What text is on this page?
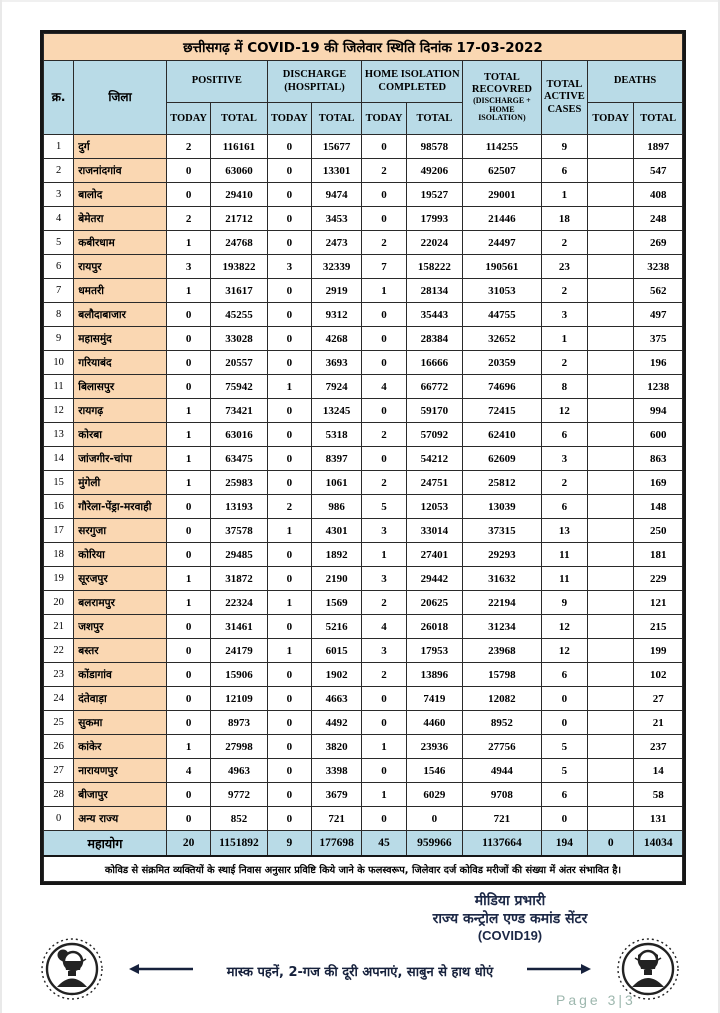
छत्तीसगढ़ में COVID-19 की जिलेवार स्थिति दिनांक 17-03-2022											
क्र.	जिला	POSITIVE		DISCHARGE (HOSPITAL)		HOME ISOLATION COMPLETED		TOTAL RECOVRED
(DISCHARGE + HOME ISOLATION)	TOTAL ACTIVE CASES	DEATHS	
		TODAY	TOTAL	TODAY	TOTAL	TODAY	TOTAL			TODAY	TOTAL
1	दुर्ग	2	116161	0	15677	0	98578	114255	9		1897
2	राजनांदगांव	0	63060	0	13301	2	49206	62507	6		547
3	बालोद	0	29410	0	9474	0	19527	29001	1		408
4	बेमेतरा	2	21712	0	3453	0	17993	21446	18		248
5	कबीरधाम	1	24768	0	2473	2	22024	24497	2		269
6	रायपुर	3	193822	3	32339	7	158222	190561	23		3238
7	धमतरी	1	31617	0	2919	1	28134	31053	2		562
8	बलौदाबाजार	0	45255	0	9312	0	35443	44755	3		497
9	महासमुंद	0	33028	0	4268	0	28384	32652	1		375
10	गरियाबंद	0	20557	0	3693	0	16666	20359	2		196
11	बिलासपुर	0	75942	1	7924	4	66772	74696	8		1238
12	रायगढ़	1	73421	0	13245	0	59170	72415	12		994
13	कोरबा	1	63016	0	5318	2	57092	62410	6		600
14	जांजगीर-चांपा	1	63475	0	8397	0	54212	62609	3		863
15	मुंगेली	1	25983	0	1061	2	24751	25812	2		169
16	गौरेला-पेंड्रा-मरवाही	0	13193	2	986	5	12053	13039	6		148
17	सरगुजा	0	37578	1	4301	3	33014	37315	13		250
18	कोरिया	0	29485	0	1892	1	27401	29293	11		181
19	सूरजपुर	1	31872	0	2190	3	29442	31632	11		229
20	बलरामपुर	1	22324	1	1569	2	20625	22194	9		121
21	जशपुर	0	31461	0	5216	4	26018	31234	12		215
22	बस्तर	0	24179	1	6015	3	17953	23968	12		199
23	कोंडागांव	0	15906	0	1902	2	13896	15798	6		102
24	दंतेवाड़ा	0	12109	0	4663	0	7419	12082	0		27
25	सुकमा	0	8973	0	4492	0	4460	8952	0		21
26	कांकेर	1	27998	0	3820	1	23936	27756	5		237
27	नारायणपुर	4	4963	0	3398	0	1546	4944	5		14
28	बीजापुर	0	9772	0	3679	1	6029	9708	6		58
0	अन्य राज्य	0	852	0	721	0	0	721	0		131
महायोग		20	1151892	9	177698	45	959966	1137664	194	0	14034
कोविड से संक्रमित व्यक्तियों के स्थाई निवास अनुसार प्रविष्टि किये जाने के फलस्वरूप, जिलेवार दर्ज कोविड मरीजों की संख्या में अंतर संभावित है।											
मीडिया प्रभारी
राज्य कन्ट्रोल एण्ड कमांड सेंटर
(COVID19)
मास्क पहनें, 2-गज की दूरी अपनाएं, साबुन से हाथ धोएं
Page 3|3
